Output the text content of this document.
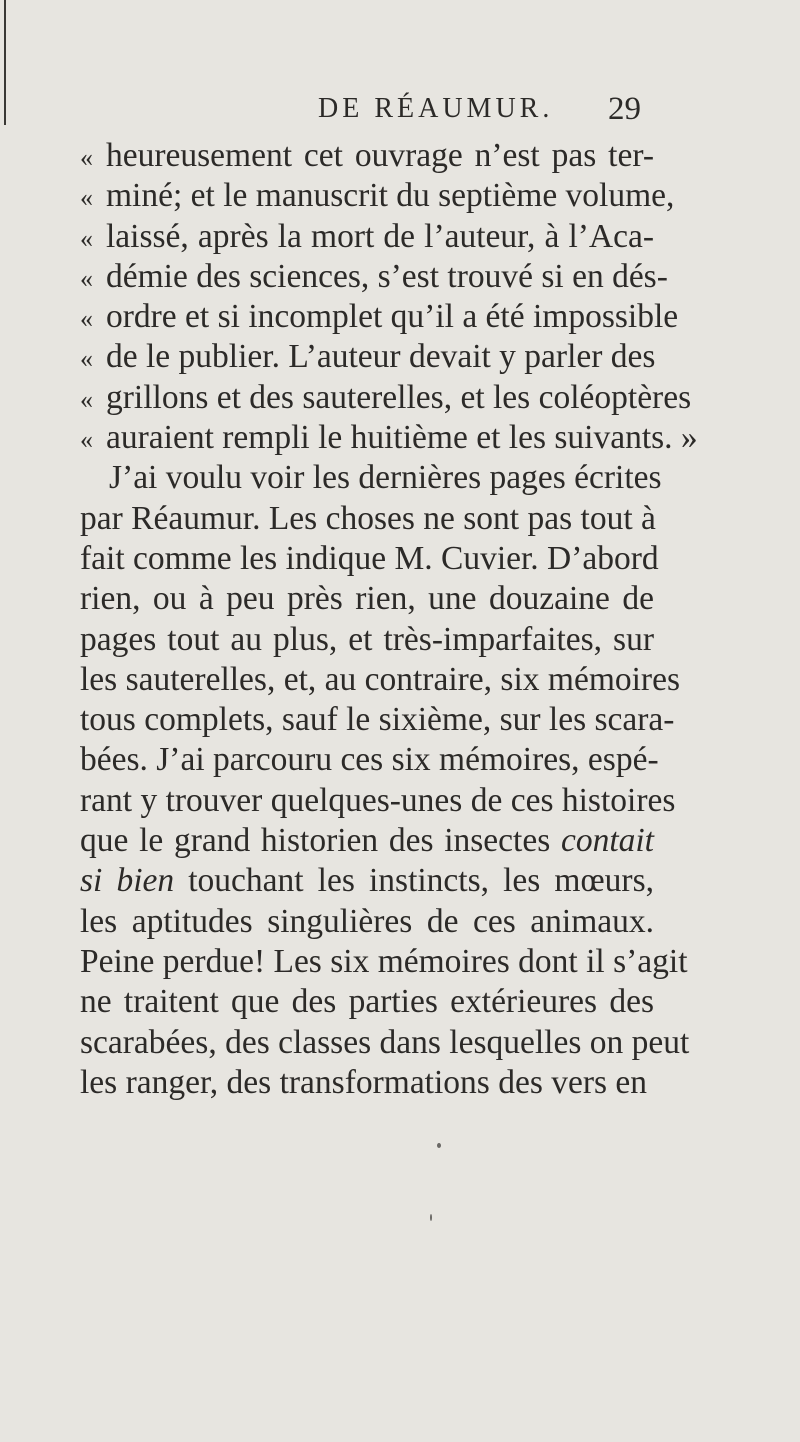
DE RÉAUMUR. 29
« heureusement cet ouvrage n’est pas ter-
« miné; et le manuscrit du septième volume,
« laissé, après la mort de l’auteur, à l’Aca-
« démie des sciences, s’est trouvé si en dés-
« ordre et si incomplet qu’il a été impossible
« de le publier. L’auteur devait y parler des
« grillons et des sauterelles, et les coléoptères
« auraient rempli le huitième et les suivants. »
J’ai voulu voir les dernières pages écrites
par Réaumur. Les choses ne sont pas tout à
fait comme les indique M. Cuvier. D’abord
rien, ou à peu près rien, une douzaine de
pages tout au plus, et très-imparfaites, sur
les sauterelles, et, au contraire, six mémoires
tous complets, sauf le sixième, sur les scara-
bées. J’ai parcouru ces six mémoires, espé-
rant y trouver quelques-unes de ces histoires
que le grand historien des insectes contait
si bien touchant les instincts, les mœurs,
les aptitudes singulières de ces animaux.
Peine perdue! Les six mémoires dont il s’agit
ne traitent que des parties extérieures des
scarabées, des classes dans lesquelles on peut
les ranger, des transformations des vers en
